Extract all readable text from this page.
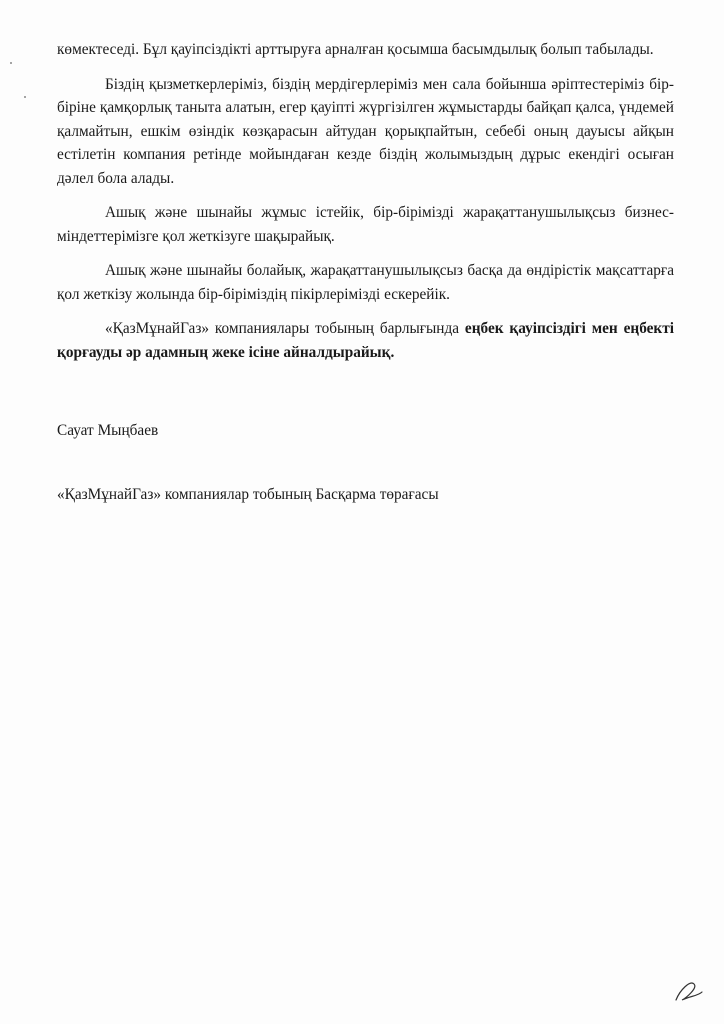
көмектеседі. Бұл қауіпсіздікті арттыруға арналған қосымша басымдылық болып табылады.

Біздің қызметкерлеріміз, біздің мердігерлеріміз мен сала бойынша әріптестеріміз бір-біріне қамқорлық таныта алатын, егер қауіпті жүргізілген жұмыстарды байқап қалса, үндемей қалмайтын, ешкім өзіндік көзқарасын айтудан қорықпайтын, себебі оның дауысы айқын естілетін компания ретінде мойындаған кезде біздің жолымыздың дұрыс екендігі осыған дәлел бола алады.

Ашық және шынайы жұмыс істейік, бір-бірімізді жарақаттанушылықсыз бизнес-міндеттерімізге қол жеткізуге шақырайық.

Ашық және шынайы болайық, жарақаттанушылықсыз басқа да өндірістік мақсаттарға қол жеткізу жолында бір-біріміздің пікірлерімізді ескерейік.

«ҚазМұнайГаз» компаниялары тобының барлығында еңбек қауіпсіздігі мен еңбекті қорғауды әр адамның жеке ісіне айналдырайық.

Сауат Мыңбаев
«ҚазМұнайГаз» компаниялар тобының Басқарма төрағасы
